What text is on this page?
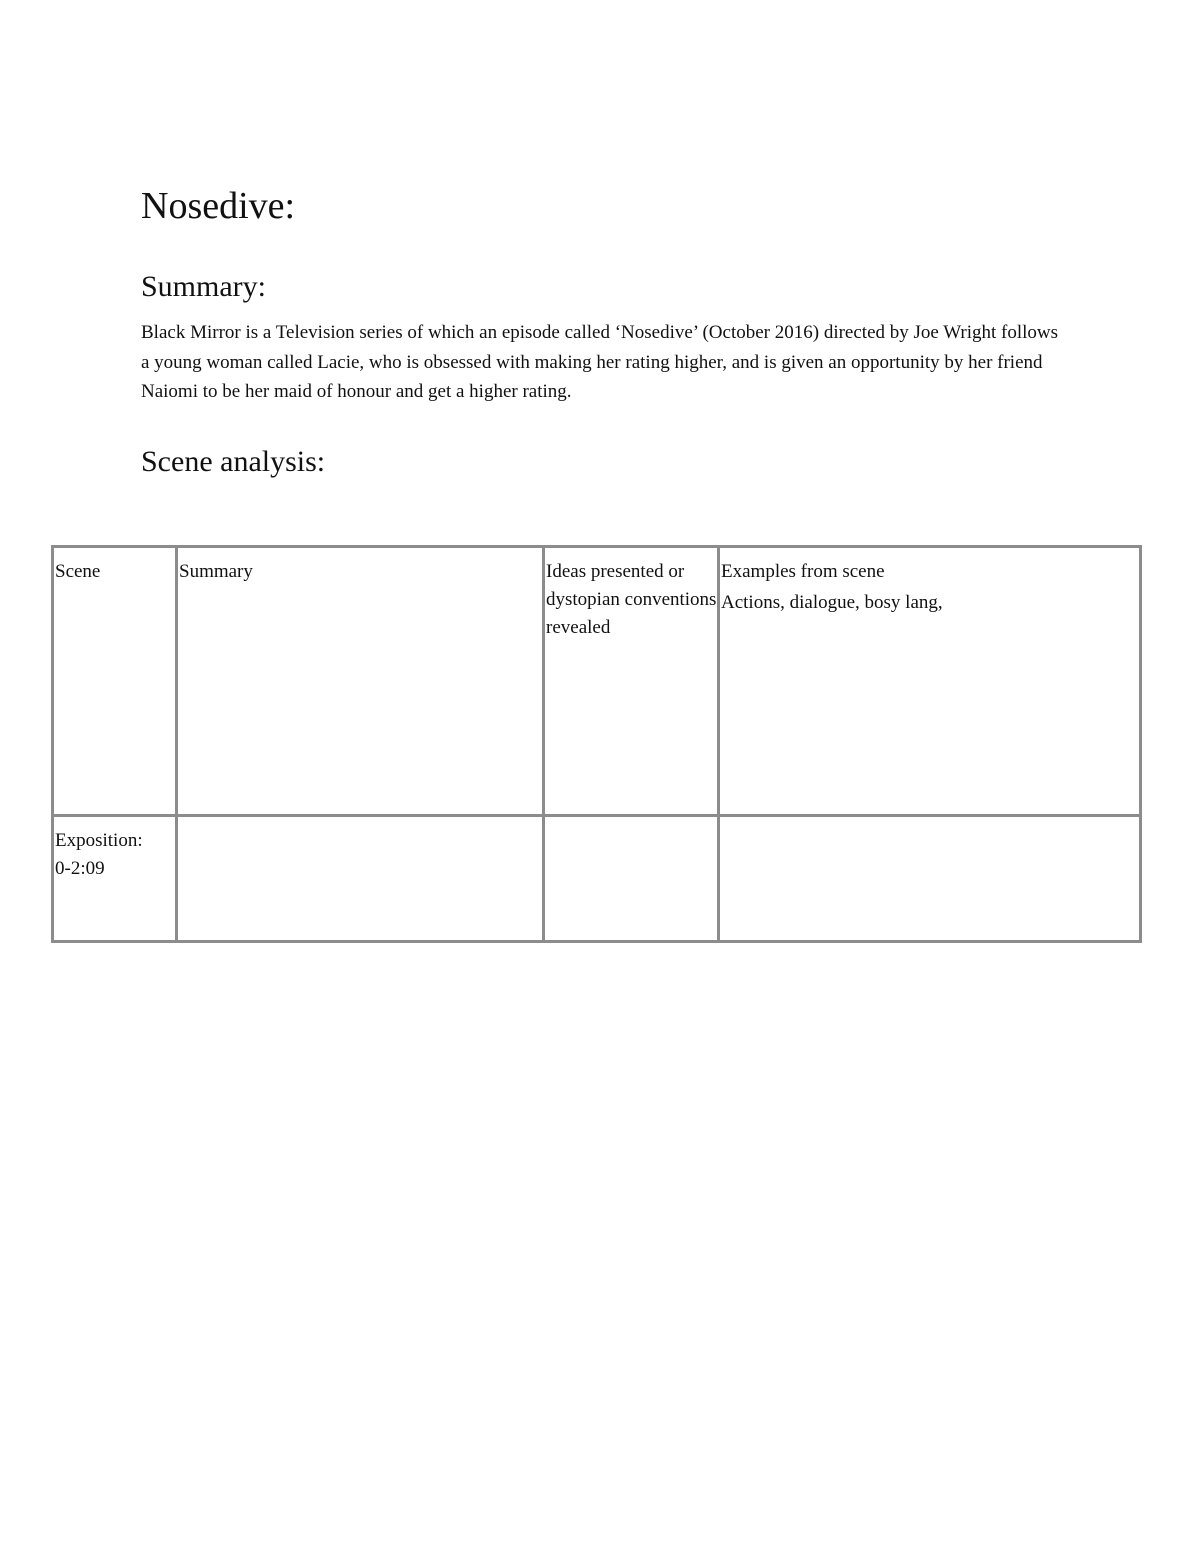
Nosedive:
Summary:

Black Mirror is a Television series of which an episode called ‘Nosedive’ (October 2016) directed by Joe Wright follows a young woman called Lacie, who is obsessed with making her rating higher, and is given an opportunity by her friend Naiomi to be her maid of honour and get a higher rating.

Scene analysis:
Scene	Summary	Ideas presented or dystopian conventions revealed	Examples from scene
Actions, dialogue, bosy lang,

Exposition:
0-2:09			
